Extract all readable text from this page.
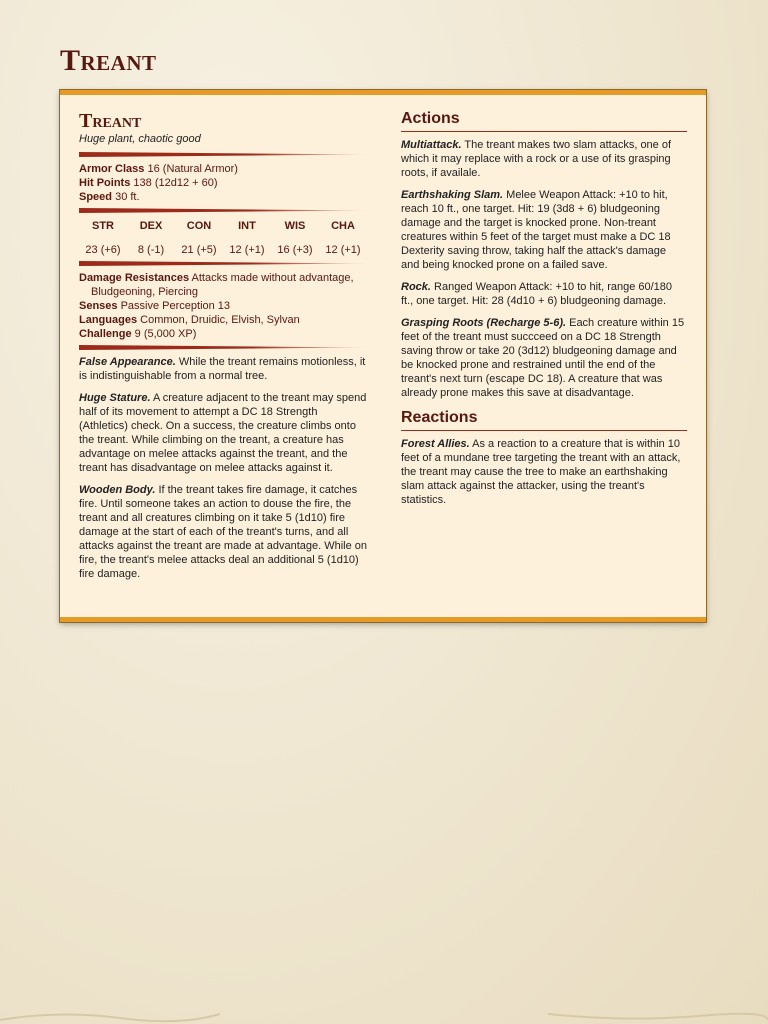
Treant
Treant

Huge plant, chaotic good

Armor Class 16 (Natural Armor)

Hit Points 138 (12d12 + 60)

Speed 30 ft.

STR
23 (+6)
DEX
8 (-1)
CON
21 (+5)
INT
12 (+1)
WIS
16 (+3)
CHA
12 (+1)

Damage Resistances Attacks made without advantage,
Bludgeoning, Piercing

Senses Passive Perception 13

Languages Common, Druidic, Elvish, Sylvan

Challenge 9 (5,000 XP)

False Appearance. While the treant remains motionless, it is indistinguishable from a normal tree.

Huge Stature. A creature adjacent to the treant may spend half of its movement to attempt a DC 18 Strength (Athletics) check. On a success, the creature climbs onto the treant. While climbing on the treant, a creature has advantage on melee attacks against the treant, and the treant has disadvantage on melee attacks against it.

Wooden Body. If the treant takes fire damage, it catches fire. Until someone takes an action to douse the fire, the treant and all creatures climbing on it take 5 (1d10) fire damage at the start of each of the treant's turns, and all attacks against the treant are made at advantage. While on fire, the treant's melee attacks deal an additional 5 (1d10) fire damage.

Actions

Multiattack. The treant makes two slam attacks, one of which it may replace with a rock or a use of its grasping roots, if availale.

Earthshaking Slam. Melee Weapon Attack: +10 to hit, reach 10 ft., one target. Hit: 19 (3d8 + 6) bludgeoning damage and the target is knocked prone. Non-treant creatures within 5 feet of the target must make a DC 18 Dexterity saving throw, taking half the attack's damage and being knocked prone on a failed save.

Rock. Ranged Weapon Attack: +10 to hit, range 60/180 ft., one target. Hit: 28 (4d10 + 6) bludgeoning damage.

Grasping Roots (Recharge 5-6). Each creature within 15 feet of the treant must succceed on a DC 18 Strength saving throw or take 20 (3d12) bludgeoning damage and be knocked prone and restrained until the end of the treant's next turn (escape DC 18). A creature that was already prone makes this save at disadvantage.

Reactions

Forest Allies. As a reaction to a creature that is within 10 feet of a mundane tree targeting the treant with an attack, the treant may cause the tree to make an earthshaking slam attack against the attacker, using the treant's statistics.
